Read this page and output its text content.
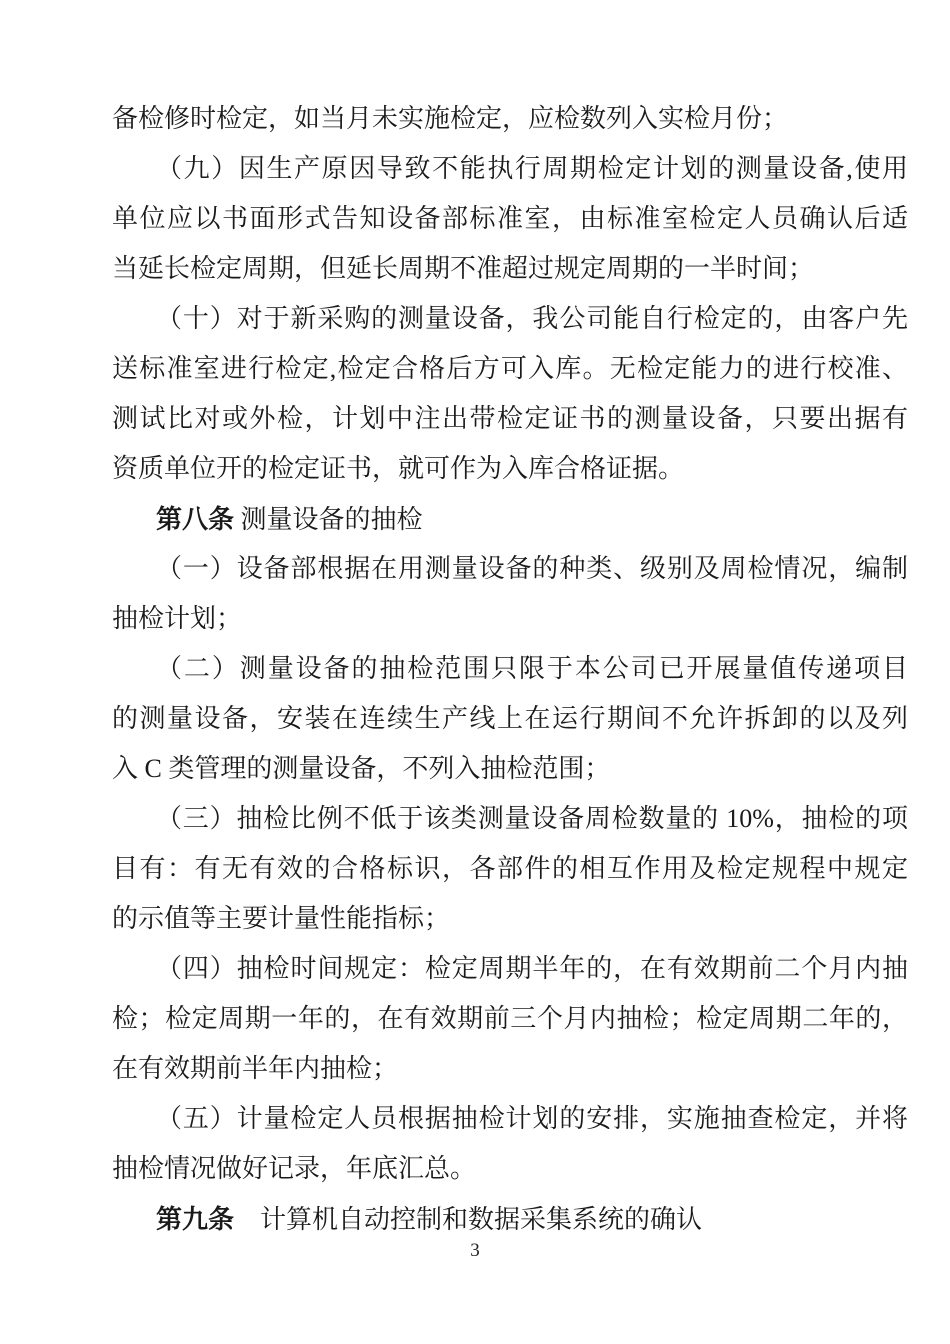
备检修时检定，如当月未实施检定，应检数列入实检月份；
（九）因生产原因导致不能执行周期检定计划的测量设备,使用
单位应以书面形式告知设备部标准室，由标准室检定人员确认后适
当延长检定周期，但延长周期不准超过规定周期的一半时间；
（十）对于新采购的测量设备，我公司能自行检定的，由客户先
送标准室进行检定,检定合格后方可入库。无检定能力的进行校准、
测试比对或外检，计划中注出带检定证书的测量设备，只要出据有
资质单位开的检定证书，就可作为入库合格证据。
第八条 测量设备的抽检
（一）设备部根据在用测量设备的种类、级别及周检情况，编制
抽检计划；
（二）测量设备的抽检范围只限于本公司已开展量值传递项目
的测量设备，安装在连续生产线上在运行期间不允许拆卸的以及列
入 C 类管理的测量设备，不列入抽检范围；
（三）抽检比例不低于该类测量设备周检数量的 10%，抽检的项
目有：有无有效的合格标识，各部件的相互作用及检定规程中规定
的示值等主要计量性能指标；
（四）抽检时间规定：检定周期半年的，在有效期前二个月内抽
检；检定周期一年的，在有效期前三个月内抽检；检定周期二年的，
在有效期前半年内抽检；
（五）计量检定人员根据抽检计划的安排，实施抽查检定，并将
抽检情况做好记录，年底汇总。
第九条　计算机自动控制和数据采集系统的确认
3
